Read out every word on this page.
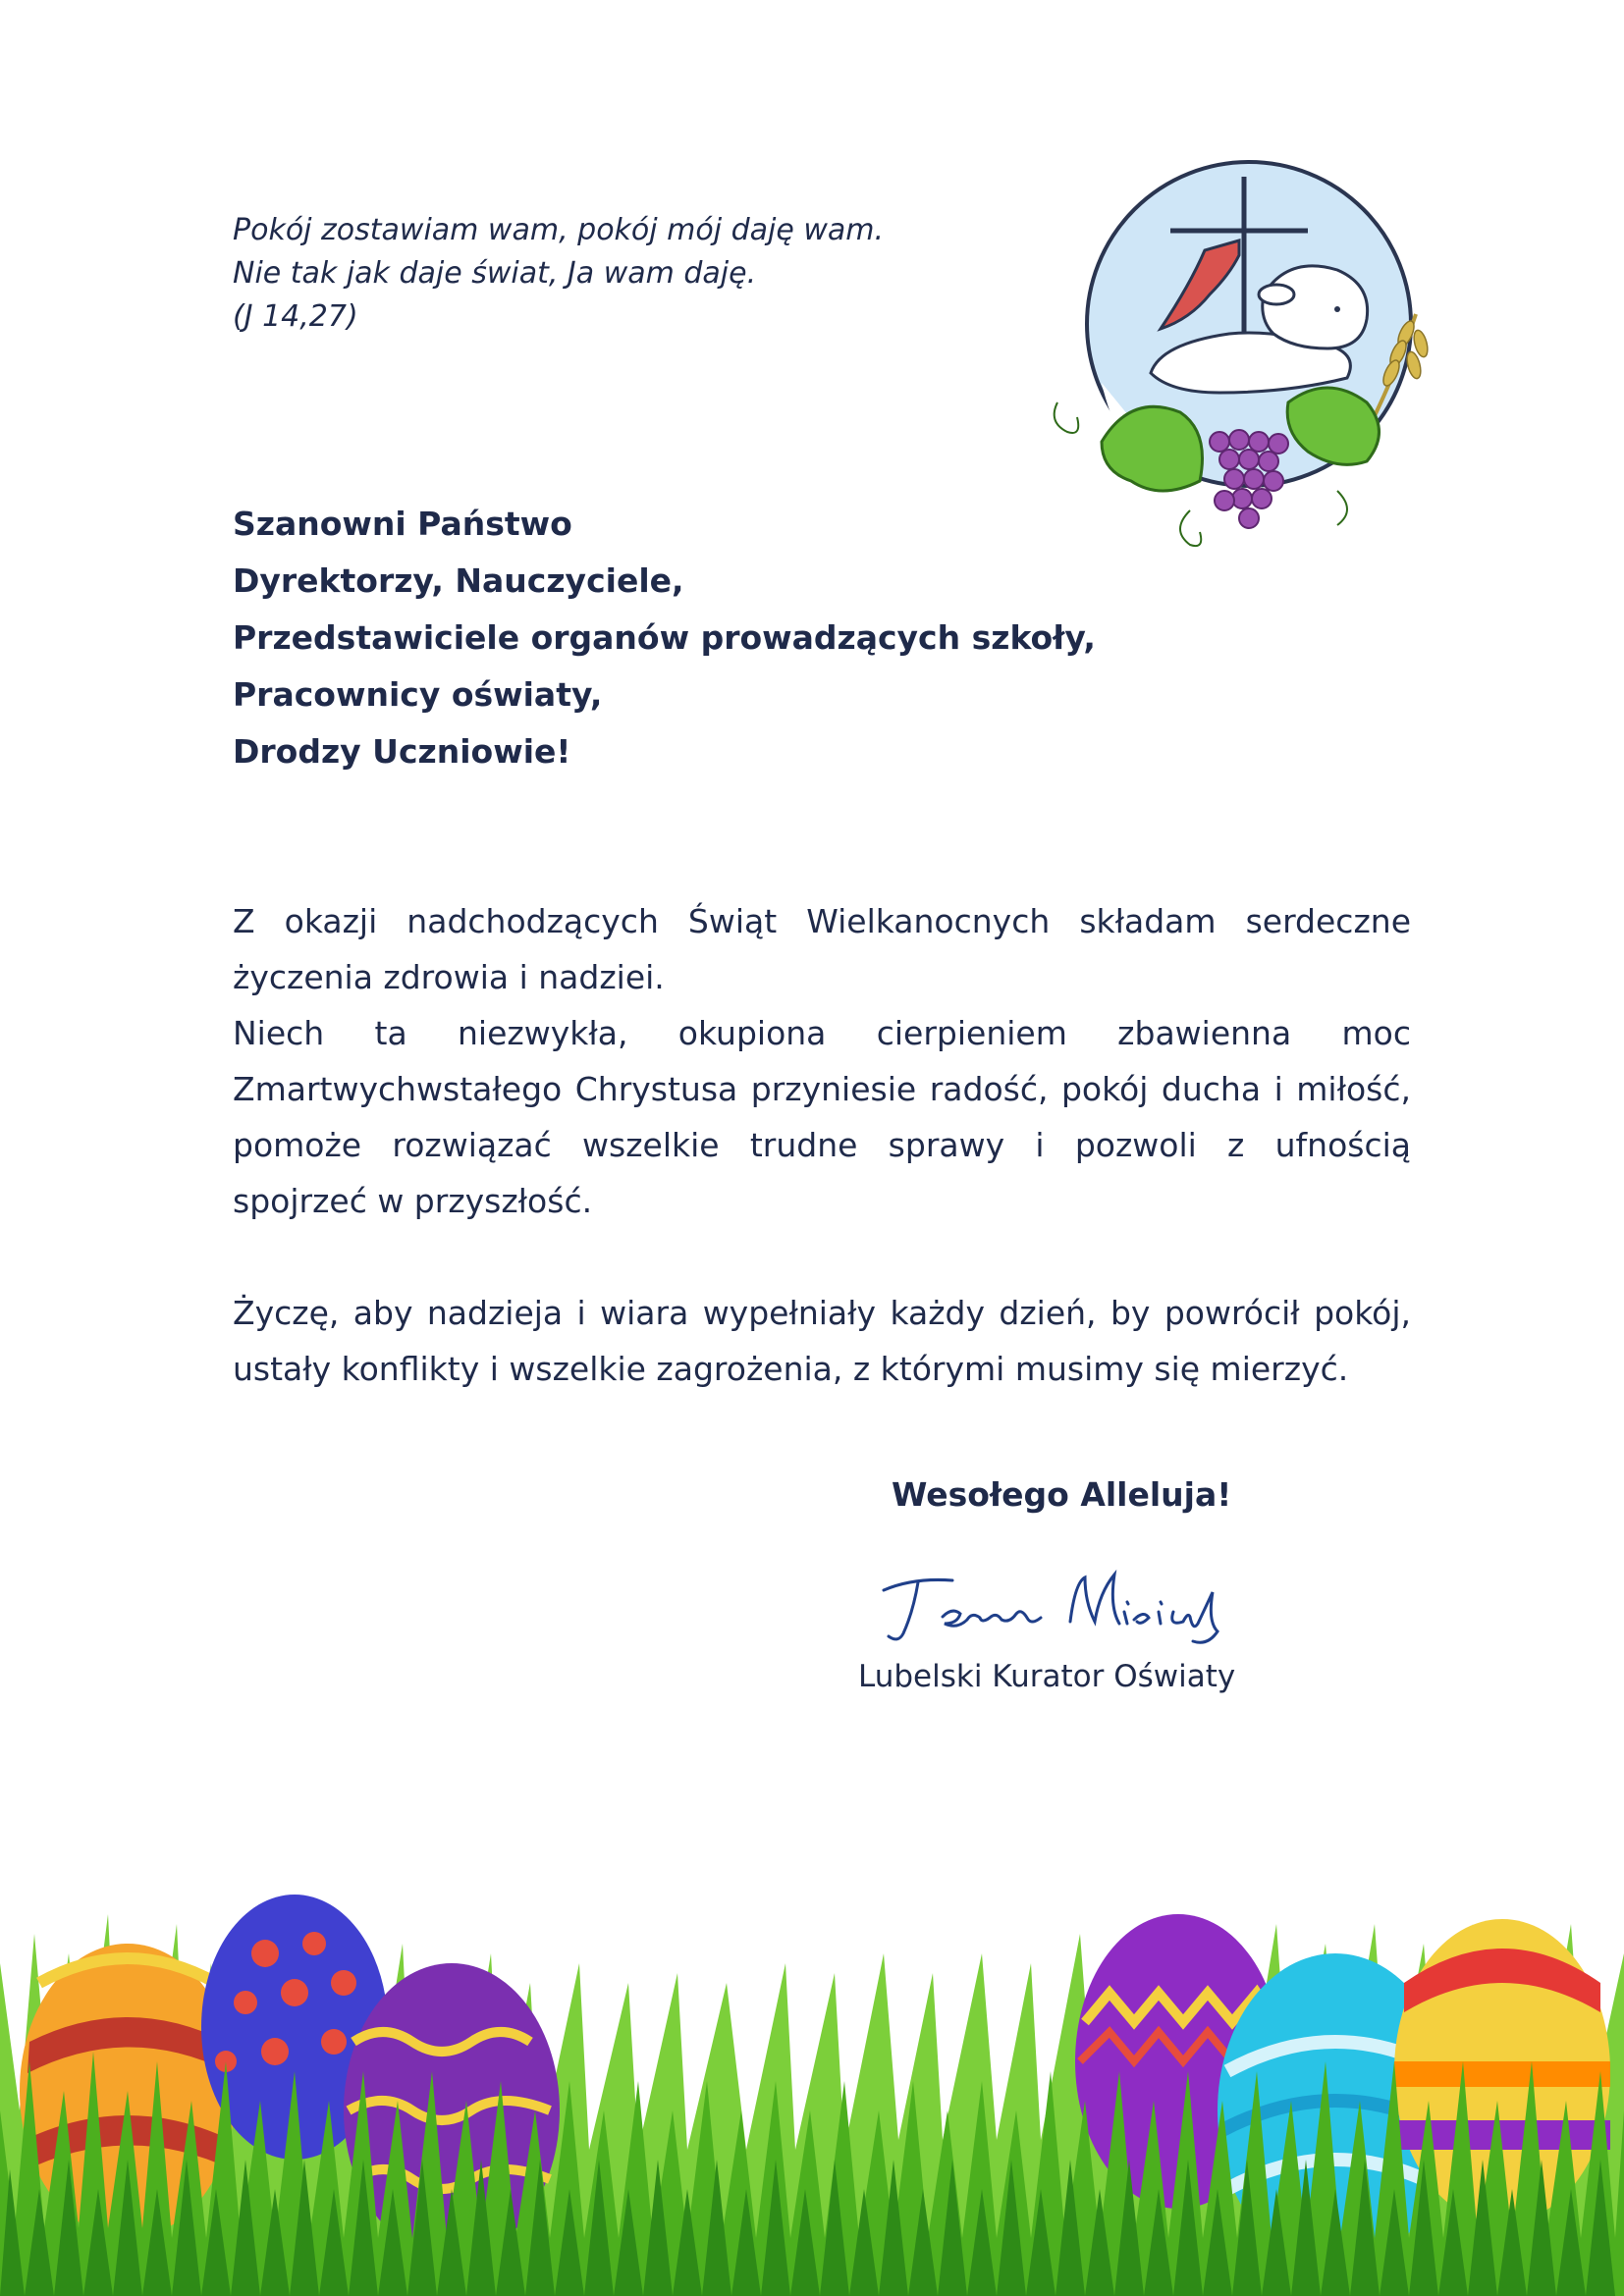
Pokój zostawiam wam, pokój mój daję wam.
Nie tak jak daje świat, Ja wam daję.
(J 14,27)
Szanowni Państwo
Dyrektorzy, Nauczyciele,
Przedstawiciele organów prowadzących szkoły,
Pracownicy oświaty,
Drodzy Uczniowie!
Z okazji nadchodzących Świąt Wielkanocnych składam serdeczne
życzenia zdrowia i nadziei.
Niech ta niezwykła, okupiona cierpieniem zbawienna moc
Zmartwychwstałego Chrystusa przyniesie radość, pokój ducha i miłość,
pomoże rozwiązać wszelkie trudne sprawy i pozwoli z ufnością
spojrzeć w przyszłość.
Życzę, aby nadzieja i wiara wypełniały każdy dzień, by powrócił pokój,
ustały konflikty i wszelkie zagrożenia, z którymi musimy się mierzyć.
Wesołego Alleluja!
Lubelski Kurator Oświaty
